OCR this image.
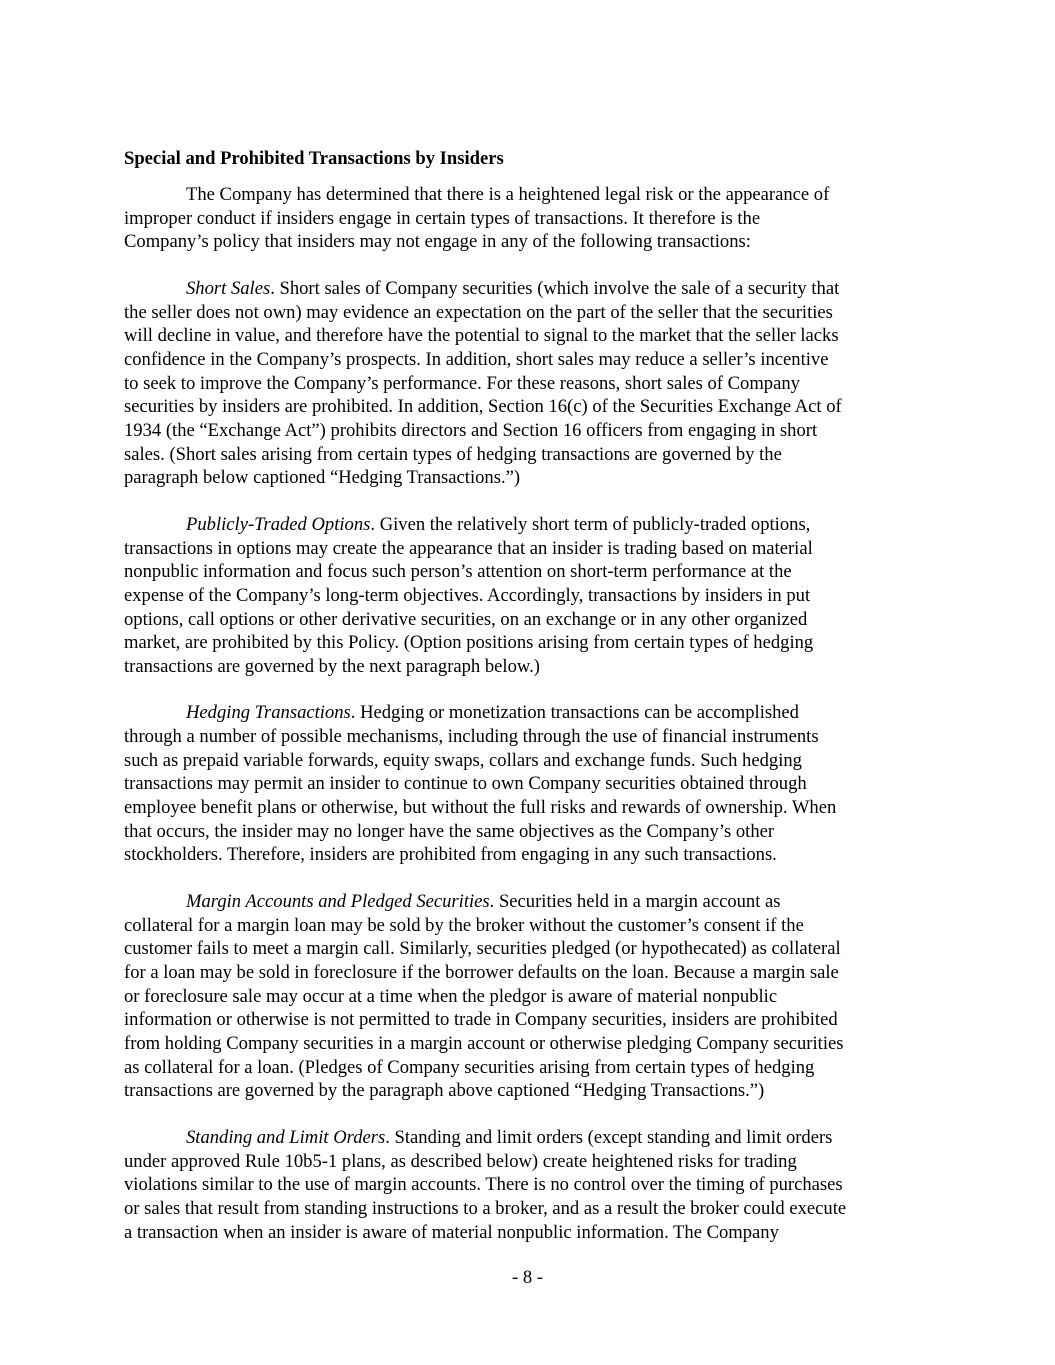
Special and Prohibited Transactions by Insiders
The Company has determined that there is a heightened legal risk or the appearance of
improper conduct if insiders engage in certain types of transactions. It therefore is the
Company’s policy that insiders may not engage in any of the following transactions:
Short Sales. Short sales of Company securities (which involve the sale of a security that
the seller does not own) may evidence an expectation on the part of the seller that the securities
will decline in value, and therefore have the potential to signal to the market that the seller lacks
confidence in the Company’s prospects. In addition, short sales may reduce a seller’s incentive
to seek to improve the Company’s performance. For these reasons, short sales of Company
securities by insiders are prohibited. In addition, Section 16(c) of the Securities Exchange Act of
1934 (the “Exchange Act”) prohibits directors and Section 16 officers from engaging in short
sales. (Short sales arising from certain types of hedging transactions are governed by the
paragraph below captioned “Hedging Transactions.”)
Publicly-Traded Options. Given the relatively short term of publicly-traded options,
transactions in options may create the appearance that an insider is trading based on material
nonpublic information and focus such person’s attention on short-term performance at the
expense of the Company’s long-term objectives. Accordingly, transactions by insiders in put
options, call options or other derivative securities, on an exchange or in any other organized
market, are prohibited by this Policy. (Option positions arising from certain types of hedging
transactions are governed by the next paragraph below.)
Hedging Transactions. Hedging or monetization transactions can be accomplished
through a number of possible mechanisms, including through the use of financial instruments
such as prepaid variable forwards, equity swaps, collars and exchange funds. Such hedging
transactions may permit an insider to continue to own Company securities obtained through
employee benefit plans or otherwise, but without the full risks and rewards of ownership. When
that occurs, the insider may no longer have the same objectives as the Company’s other
stockholders. Therefore, insiders are prohibited from engaging in any such transactions.
Margin Accounts and Pledged Securities. Securities held in a margin account as
collateral for a margin loan may be sold by the broker without the customer’s consent if the
customer fails to meet a margin call. Similarly, securities pledged (or hypothecated) as collateral
for a loan may be sold in foreclosure if the borrower defaults on the loan. Because a margin sale
or foreclosure sale may occur at a time when the pledgor is aware of material nonpublic
information or otherwise is not permitted to trade in Company securities, insiders are prohibited
from holding Company securities in a margin account or otherwise pledging Company securities
as collateral for a loan. (Pledges of Company securities arising from certain types of hedging
transactions are governed by the paragraph above captioned “Hedging Transactions.”)
Standing and Limit Orders. Standing and limit orders (except standing and limit orders
under approved Rule 10b5-1 plans, as described below) create heightened risks for trading
violations similar to the use of margin accounts. There is no control over the timing of purchases
or sales that result from standing instructions to a broker, and as a result the broker could execute
a transaction when an insider is aware of material nonpublic information. The Company
- 8 -
